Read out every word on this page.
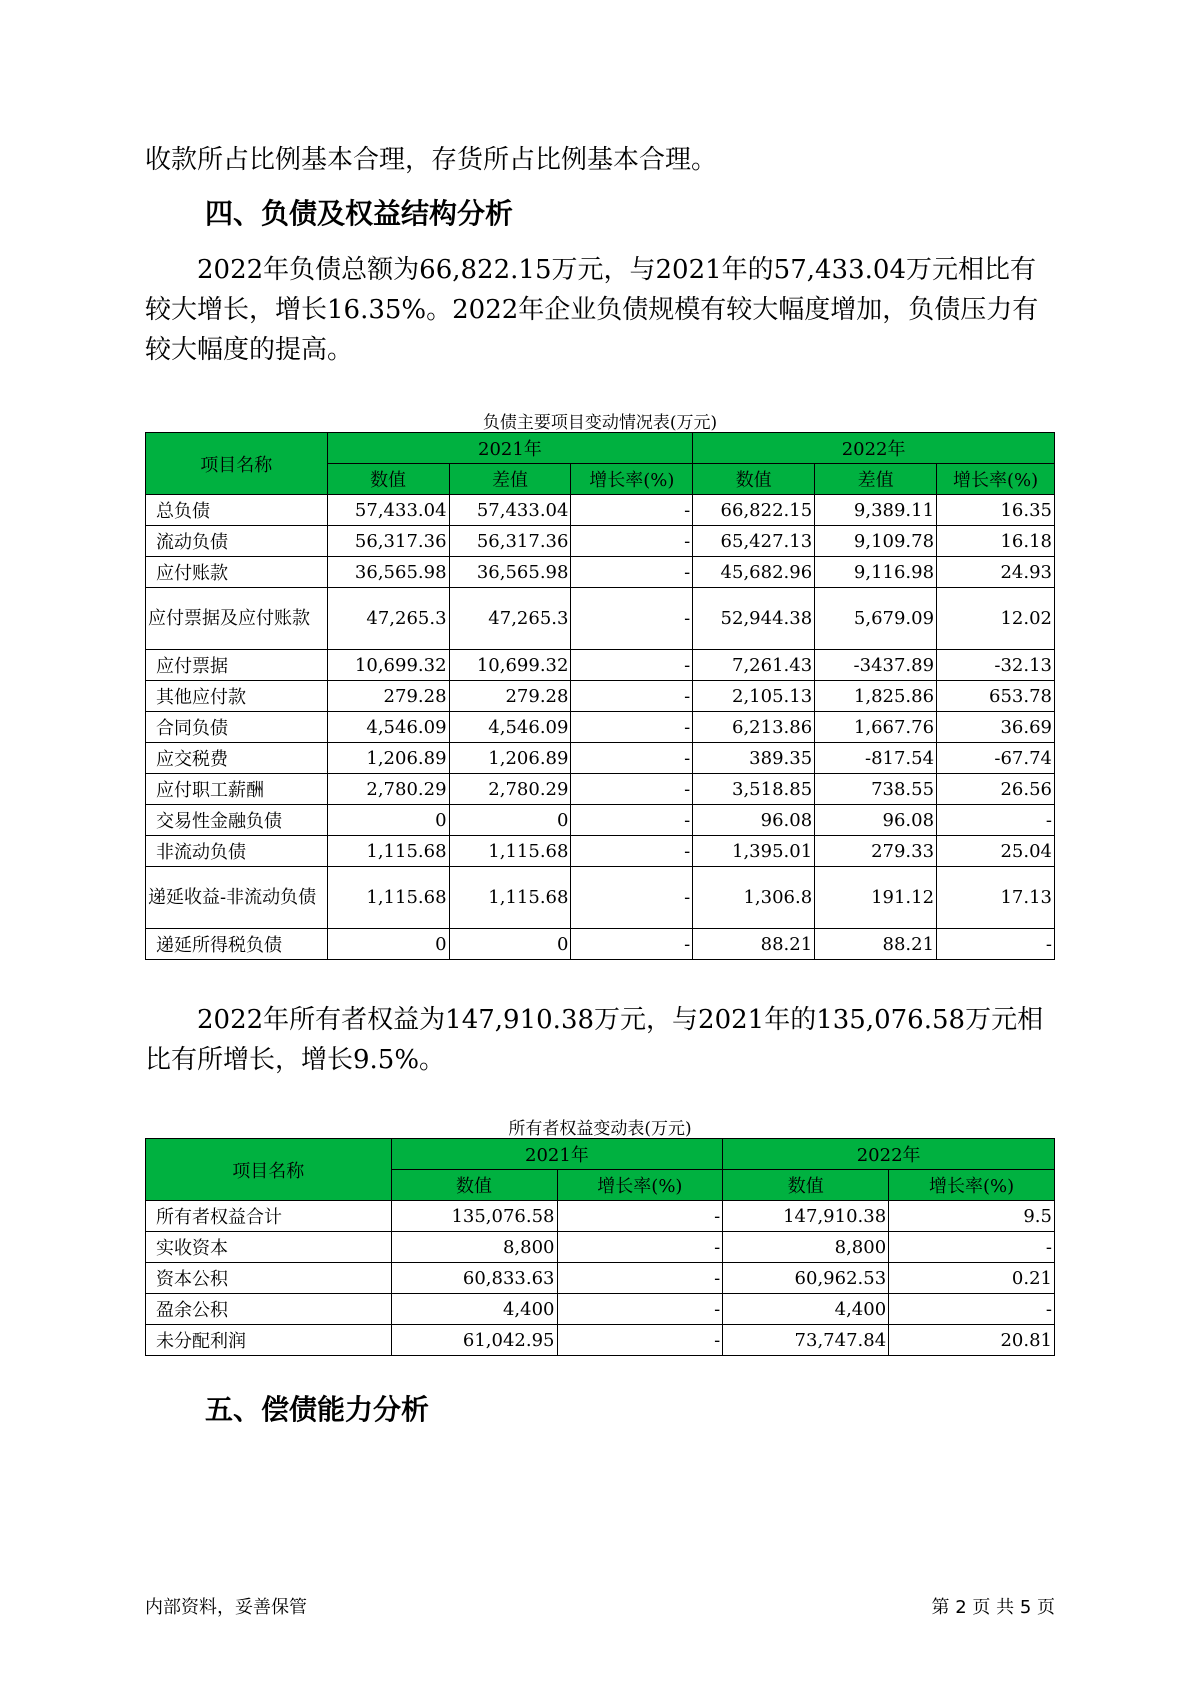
收款所占比例基本合理，存货所占比例基本合理。

四、负债及权益结构分析

2022年负债总额为66,822.15万元，与2021年的57,433.04万元相比有较大增长，增长16.35%。2022年企业负债规模有较大幅度增加，负债压力有较大幅度的提高。

负债主要项目变动情况表(万元)
项目名称	2021年			2022年		
	数值	差值	增长率(%)	数值	差值	增长率(%)
总负债	57,433.04	57,433.04	-	66,822.15	9,389.11	16.35
流动负债	56,317.36	56,317.36	-	65,427.13	9,109.78	16.18
应付账款	36,565.98	36,565.98	-	45,682.96	9,116.98	24.93
应付票据及应付账款	47,265.3	47,265.3	-	52,944.38	5,679.09	12.02
应付票据	10,699.32	10,699.32	-	7,261.43	-3437.89	-32.13
其他应付款	279.28	279.28	-	2,105.13	1,825.86	653.78
合同负债	4,546.09	4,546.09	-	6,213.86	1,667.76	36.69
应交税费	1,206.89	1,206.89	-	389.35	-817.54	-67.74
应付职工薪酬	2,780.29	2,780.29	-	3,518.85	738.55	26.56
交易性金融负债	0	0	-	96.08	96.08	-
非流动负债	1,115.68	1,115.68	-	1,395.01	279.33	25.04
递延收益-非流动负债	1,115.68	1,115.68	-	1,306.8	191.12	17.13
递延所得税负债	0	0	-	88.21	88.21	-

2022年所有者权益为147,910.38万元，与2021年的135,076.58万元相比有所增长，增长9.5%。

所有者权益变动表(万元)
项目名称	2021年		2022年	
	数值	增长率(%)	数值	增长率(%)
所有者权益合计	135,076.58	-	147,910.38	9.5
实收资本	8,800	-	8,800	-
资本公积	60,833.63	-	60,962.53	0.21
盈余公积	4,400	-	4,400	-
未分配利润	61,042.95	-	73,747.84	20.81
五、偿债能力分析
内部资料，妥善保管	第 2 页 共 5 页
